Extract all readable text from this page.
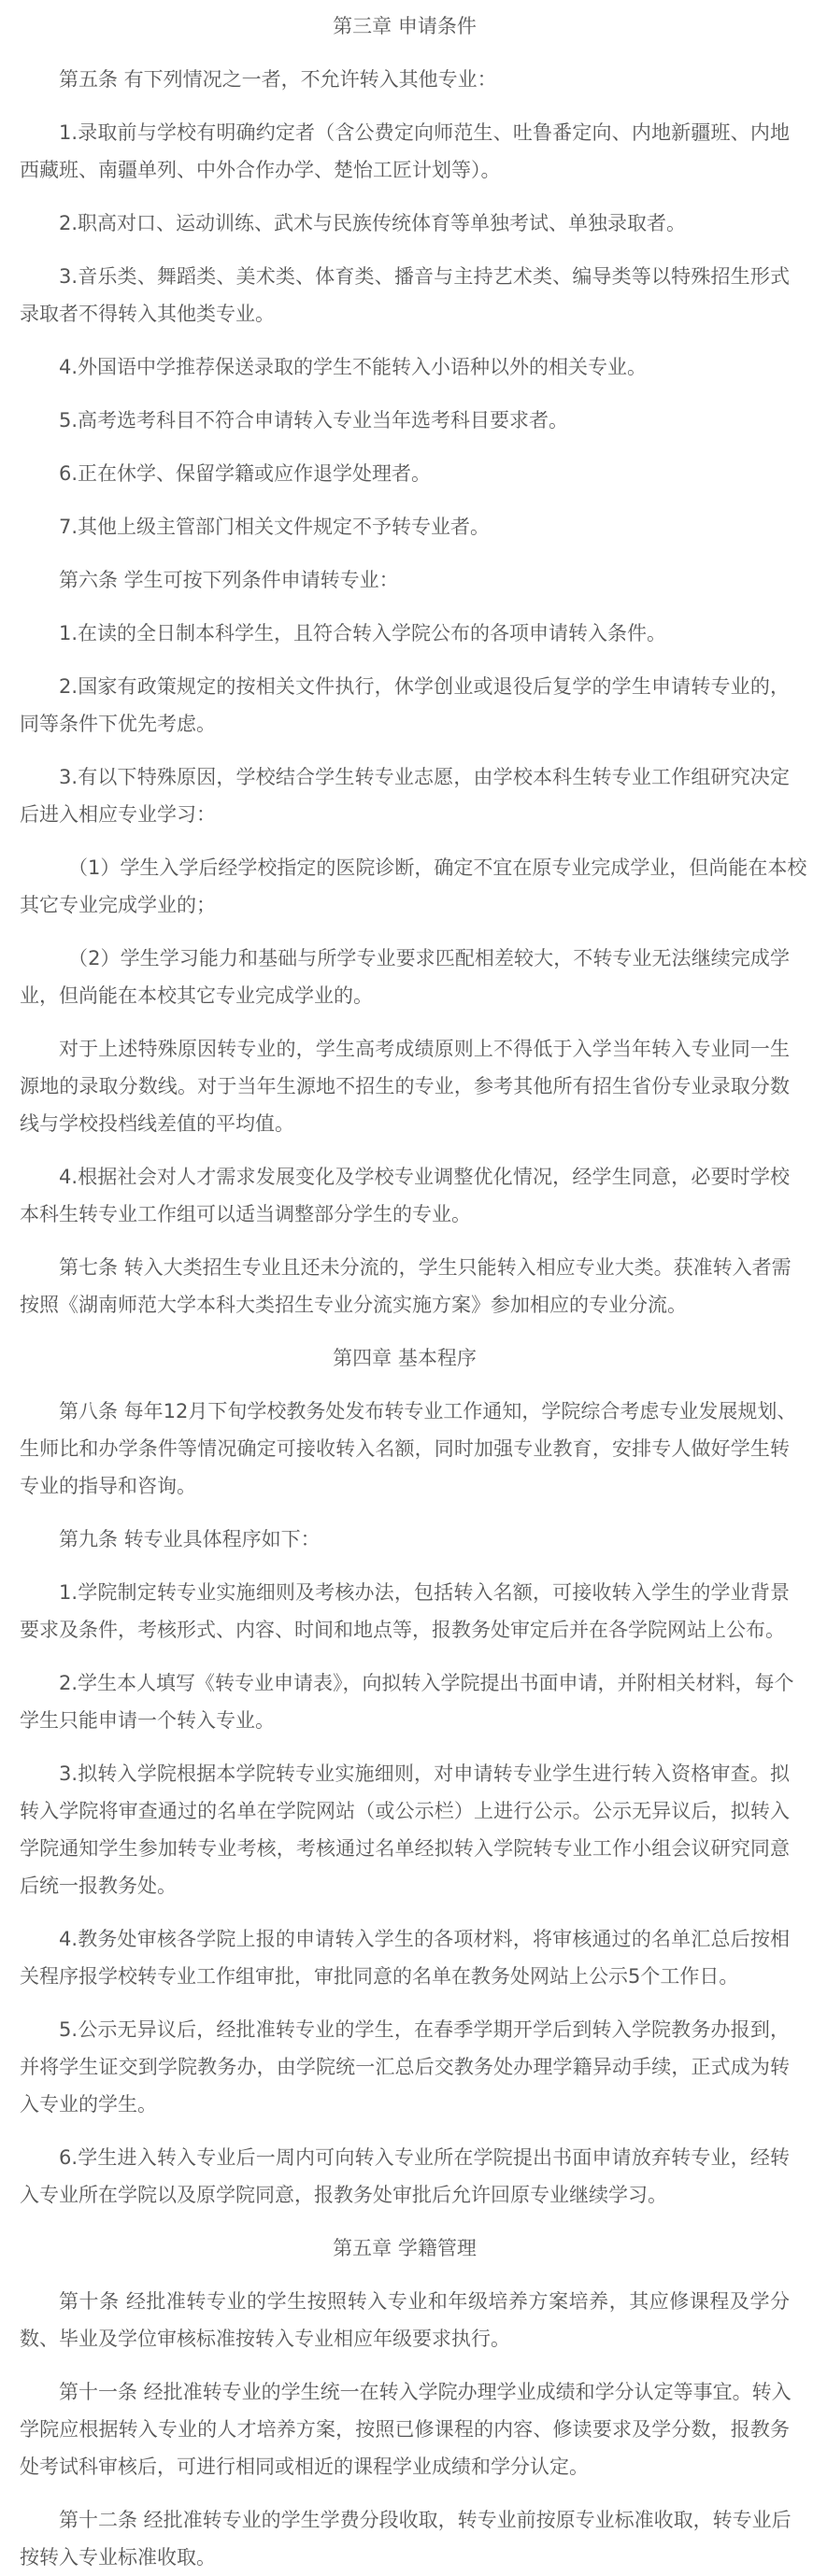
第三章 申请条件
第五条 有下列情况之一者，不允许转入其他专业：
1.录取前与学校有明确约定者（含公费定向师范生、吐鲁番定向、内地新疆班、内地
西藏班、南疆单列、中外合作办学、楚怡工匠计划等）。
2.职高对口、运动训练、武术与民族传统体育等单独考试、单独录取者。
3.音乐类、舞蹈类、美术类、体育类、播音与主持艺术类、编导类等以特殊招生形式
录取者不得转入其他类专业。
4.外国语中学推荐保送录取的学生不能转入小语种以外的相关专业。
5.高考选考科目不符合申请转入专业当年选考科目要求者。
6.正在休学、保留学籍或应作退学处理者。
7.其他上级主管部门相关文件规定不予转专业者。
第六条 学生可按下列条件申请转专业：
1.在读的全日制本科学生，且符合转入学院公布的各项申请转入条件。
2.国家有政策规定的按相关文件执行，休学创业或退役后复学的学生申请转专业的，
同等条件下优先考虑。
3.有以下特殊原因，学校结合学生转专业志愿，由学校本科生转专业工作组研究决定
后进入相应专业学习：
（1）学生入学后经学校指定的医院诊断，确定不宜在原专业完成学业，但尚能在本校
其它专业完成学业的；
（2）学生学习能力和基础与所学专业要求匹配相差较大，不转专业无法继续完成学
业，但尚能在本校其它专业完成学业的。
对于上述特殊原因转专业的，学生高考成绩原则上不得低于入学当年转入专业同一生
源地的录取分数线。对于当年生源地不招生的专业，参考其他所有招生省份专业录取分数
线与学校投档线差值的平均值。
4.根据社会对人才需求发展变化及学校专业调整优化情况，经学生同意，必要时学校
本科生转专业工作组可以适当调整部分学生的专业。
第七条 转入大类招生专业且还未分流的，学生只能转入相应专业大类。获准转入者需
按照《湖南师范大学本科大类招生专业分流实施方案》参加相应的专业分流。
第四章 基本程序
第八条 每年12月下旬学校教务处发布转专业工作通知，学院综合考虑专业发展规划、
生师比和办学条件等情况确定可接收转入名额，同时加强专业教育，安排专人做好学生转
专业的指导和咨询。
第九条 转专业具体程序如下：
1.学院制定转专业实施细则及考核办法，包括转入名额，可接收转入学生的学业背景
要求及条件，考核形式、内容、时间和地点等，报教务处审定后并在各学院网站上公布。
2.学生本人填写《转专业申请表》，向拟转入学院提出书面申请，并附相关材料，每个
学生只能申请一个转入专业。
3.拟转入学院根据本学院转专业实施细则，对申请转专业学生进行转入资格审查。拟
转入学院将审查通过的名单在学院网站（或公示栏）上进行公示。公示无异议后，拟转入
学院通知学生参加转专业考核，考核通过名单经拟转入学院转专业工作小组会议研究同意
后统一报教务处。
4.教务处审核各学院上报的申请转入学生的各项材料，将审核通过的名单汇总后按相
关程序报学校转专业工作组审批，审批同意的名单在教务处网站上公示5个工作日。
5.公示无异议后，经批准转专业的学生，在春季学期开学后到转入学院教务办报到，
并将学生证交到学院教务办，由学院统一汇总后交教务处办理学籍异动手续，正式成为转
入专业的学生。
6.学生进入转入专业后一周内可向转入专业所在学院提出书面申请放弃转专业，经转
入专业所在学院以及原学院同意，报教务处审批后允许回原专业继续学习。
第五章 学籍管理
第十条 经批准转专业的学生按照转入专业和年级培养方案培养，其应修课程及学分
数、毕业及学位审核标准按转入专业相应年级要求执行。
第十一条 经批准转专业的学生统一在转入学院办理学业成绩和学分认定等事宜。转入
学院应根据转入专业的人才培养方案，按照已修课程的内容、修读要求及学分数，报教务
处考试科审核后，可进行相同或相近的课程学业成绩和学分认定。
第十二条 经批准转专业的学生学费分段收取，转专业前按原专业标准收取，转专业后
按转入专业标准收取。
